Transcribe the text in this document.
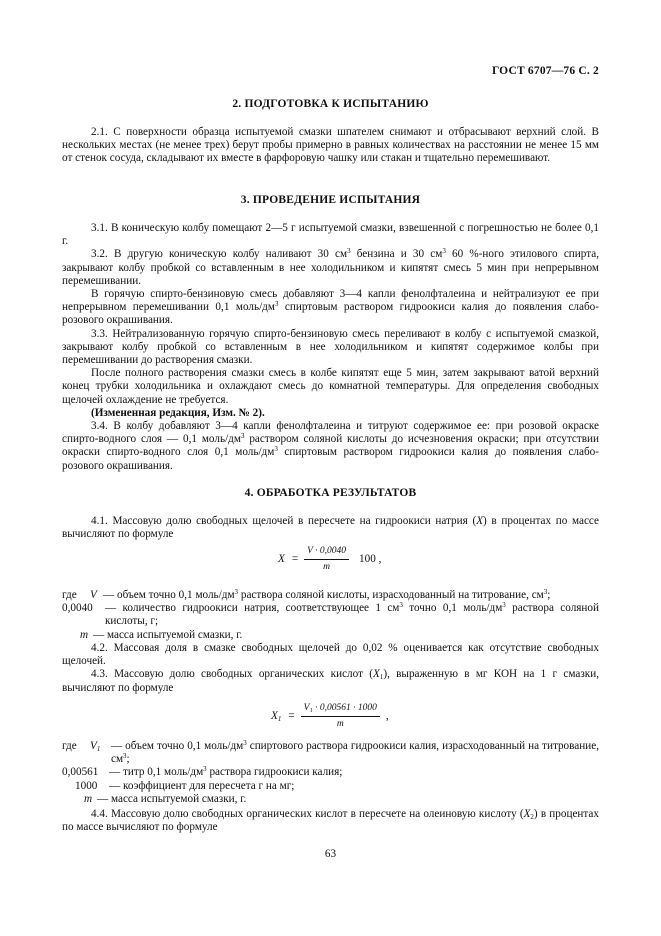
ГОСТ 6707—76 С. 2
2. ПОДГОТОВКА К ИСПЫТАНИЮ

2.1. С поверхности образца испытуемой смазки шпателем снимают и отбрасывают верхний слой. В нескольких местах (не менее трех) берут пробы примерно в равных количествах на расстоянии не менее 15 мм от стенок сосуда, складывают их вместе в фарфоровую чашку или стакан и тщательно перемешивают.

3. ПРОВЕДЕНИЕ ИСПЫТАНИЯ

3.1. В коническую колбу помещают 2—5 г испытуемой смазки, взвешенной с погрешностью не более 0,1 г.

3.2. В другую коническую колбу наливают 30 $см^3$ бензина и 30 $см^3$ 60 %-ного этилового спирта, закрывают колбу пробкой со вставленным в нее холодильником и кипятят смесь 5 мин при непрерывном перемешивании.

В горячую спирто-бензиновую смесь добавляют 3—4 капли фенолфталеина и нейтрализуют ее при непрерывном перемешивании 0,1 моль/$дм^3$ спиртовым раствором гидроокиси калия до появления слабо-розового окрашивания.

3.3. Нейтрализованную горячую спирто-бензиновую смесь переливают в колбу с испытуемой смазкой, закрывают колбу пробкой со вставленным в нее холодильником и кипятят содержимое колбы при перемешивании до растворения смазки.

После полного растворения смазки смесь в колбе кипятят еще 5 мин, затем закрывают ватой верхний конец трубки холодильника и охлаждают смесь до комнатной температуры. Для определения свободных щелочей охлаждение не требуется.

(Измененная редакция, Изм. № 2).

3.4. В колбу добавляют 3—4 капли фенолфталеина и титруют содержимое ее: при розовой окраске спирто-водного слоя — 0,1 моль/$дм^3$ раствором соляной кислоты до исчезновения окраски; при отсутствии окраски спирто-водного слоя 0,1 моль/$дм^3$ спиртовым раствором гидроокиси калия до появления слабо-розового окрашивания.

4. ОБРАБОТКА РЕЗУЛЬТАТОВ

4.1. Массовую долю свободных щелочей в пересчете на гидроокиси натрия (X) в процентах по массе вычисляют по формуле

$X = \frac{V \cdot 0,0040}{m} 100$ ,
где	V — объем точно 0,1 моль/$дм^3$ раствора соляной кислоты, израсходованный на титрование, $см^3$;
0,0040	— количество гидроокиси натрия, соответствующее 1 $см^3$ точно 0,1 моль/$дм^3$ раствора соляной кислоты, г;
m — масса испытуемой смазки, г.

4.2. Массовая доля в смазке свободных щелочей до 0,02 % оценивается как отсутствие свободных щелочей.

4.3. Массовую долю свободных органических кислот $(X_1)$, выраженную в мг КОН на 1 г смазки, вычисляют по формуле

$X_1 = \frac{\text{V₁ · 0,00561 · 1000}}{m}$ ,
где	$V_1$ — объем точно 0,1 моль/$дм^3$ спиртового раствора гидроокиси калия, израсходованный на титрование, $см^3$;
0,00561 — титр 0,1 моль/$дм^3$ раствора гидроокиси калия;
1000	— коэффициент для пересчета г на мг;
m — масса испытуемой смазки, г.

4.4. Массовую долю свободных органических кислот в пересчете на олеиновую кислоту $(X_2)$ в процентах по массе вычисляют по формуле

63
